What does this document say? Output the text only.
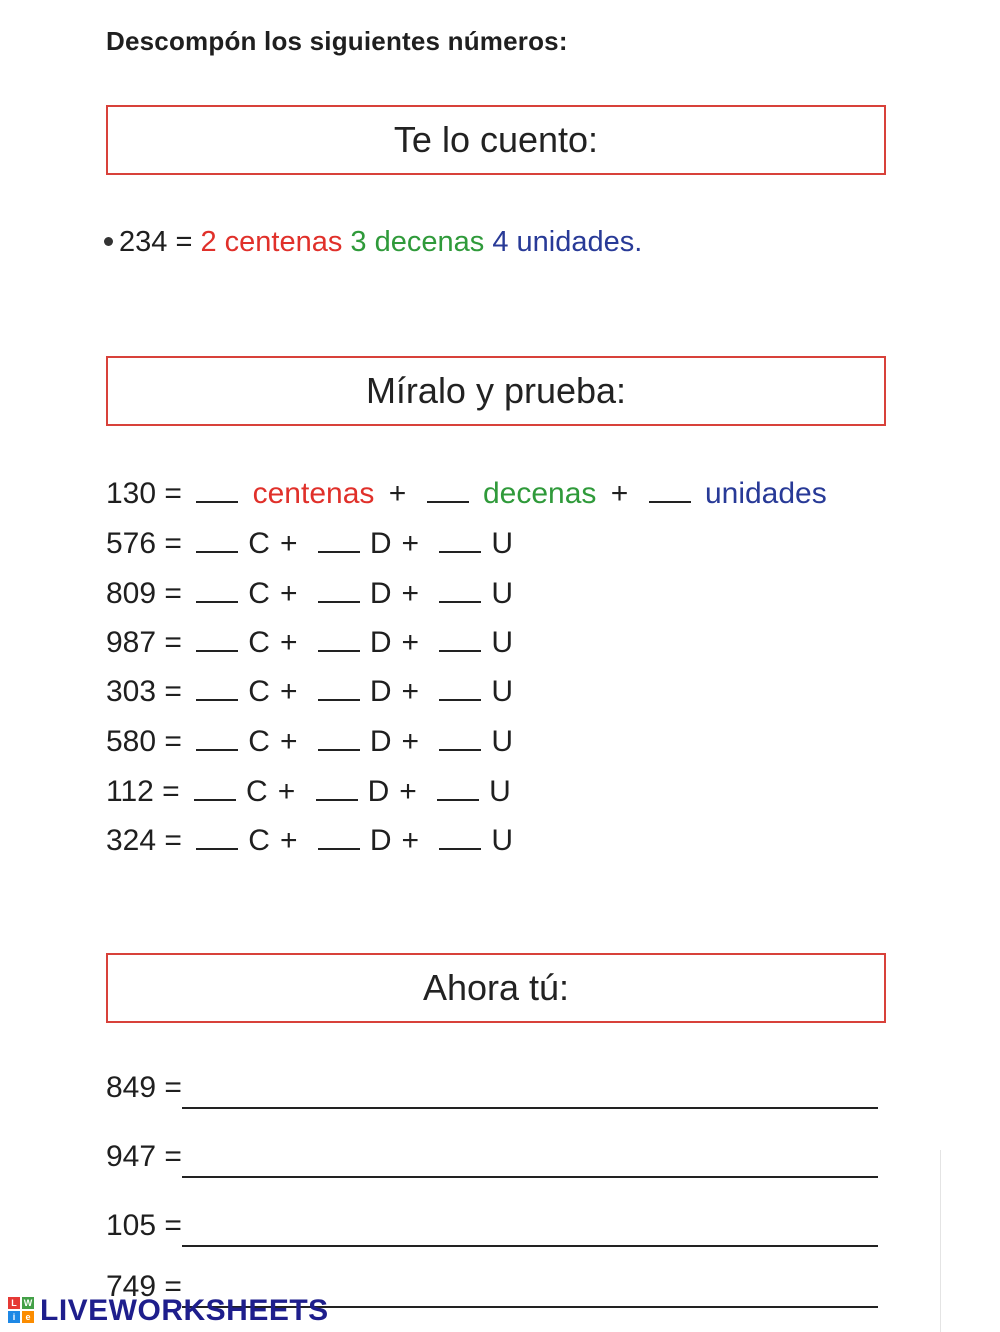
Descompón los siguientes números:
Te lo cuento:
234 = 2 centenas 3 decenas 4 unidades.
Míralo y prueba:
130 = centenas +	decenas +	unidades
576 = C + D + U
809 = C + D + U
987 = C + D + U
303 = C + D + U
580 = C + D + U
112 = C + D + U
324 = C + D + U
Ahora tú:
849 =
947 =
105 =
749 =
L W
i	e LIVEWORKSHEETS
